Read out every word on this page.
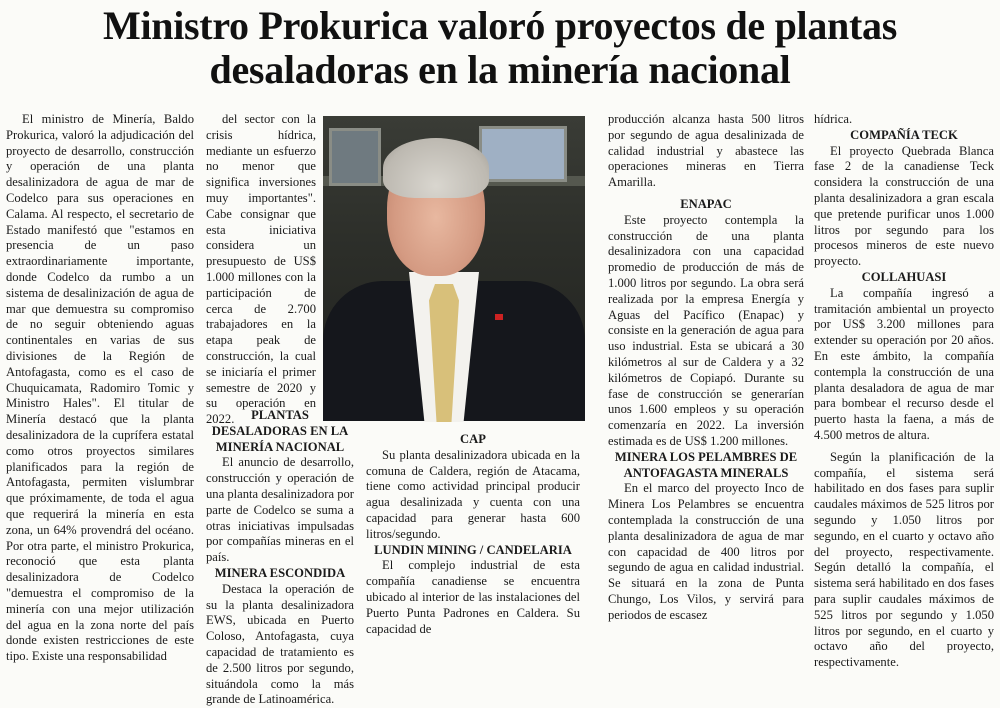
Ministro Prokurica valoró proyectos de plantas
desaladoras en la minería nacional

El ministro de Minería, Baldo Prokurica, valoró la adjudicación del proyecto de desarrollo, construcción y operación de una planta desalinizadora de agua de mar de Codelco para sus operaciones en Calama. Al respecto, el secretario de Estado manifestó que "estamos en presencia de un paso extraordinariamente importante, donde Codelco da rumbo a un sistema de desalinización de agua de mar que demuestra su compromiso de no seguir obteniendo aguas continentales en varias de sus divisiones de la Región de Antofagasta, como es el caso de Chuquicamata, Radomiro Tomic y Ministro Hales". El titular de Minería destacó que la planta desalinizadora de la cuprífera estatal como otros proyectos similares planificados para la región de Antofagasta, permiten vislumbrar que próximamente, de toda el agua que requerirá la minería en esta zona, un 64% provendrá del océano. Por otra parte, el ministro Prokurica, reconoció que esta planta desalinizadora de Codelco "demuestra el compromiso de la minería con una mejor utilización del agua en la zona norte del país donde existen restricciones de este tipo. Existe una responsabilidad

del sector con la crisis hídrica, mediante un esfuerzo no menor que significa inversiones muy importantes". Cabe consignar que esta iniciativa considera un presupuesto de US$ 1.000 millones con la participación de cerca de 2.700 trabajadores en la etapa peak de construcción, la cual se iniciaría el primer semestre de 2020 y su operación en 2022.	PLANTAS DESALADORAS EN LA MINERÍA NACIONAL

El anuncio de desarrollo, construcción y operación de una planta desalinizadora por parte de Codelco se suma a otras iniciativas impulsadas por compañías mineras en el país.

MINERA ESCONDIDA

Destaca la operación de su la planta desalinizadora EWS, ubicada en Puerto Coloso, Antofagasta, cuya capacidad de tratamiento es de 2.500 litros por segundo, situándola como la más grande de Latinoamérica.

CAP

Su planta desalinizadora ubicada en la comuna de Caldera, región de Atacama, tiene como actividad principal producir agua desalinizada y cuenta con una capacidad para generar hasta 600 litros/segundo.

LUNDIN MINING / CANDELARIA

El complejo industrial de esta compañía canadiense se encuentra ubicado al interior de las instalaciones del Puerto Punta Padrones en Caldera. Su capacidad de

producción alcanza hasta 500 litros por segundo de agua desalinizada de calidad industrial y abastece las operaciones mineras en Tierra Amarilla.

ENAPAC

Este proyecto contempla la construcción de una planta desalinizadora con una capacidad promedio de producción de más de 1.000 litros por segundo. La obra será realizada por la empresa Energía y Aguas del Pacífico (Enapac) y consiste en la generación de agua para uso industrial. Esta se ubicará a 30 kilómetros al sur de Caldera y a 32 kilómetros de Copiapó. Durante su fase de construcción se generarían unos 1.600 empleos y su operación comenzaría en 2022. La inversión estimada es de US$ 1.200 millones.

MINERA LOS PELAMBRES DE ANTOFAGASTA MINERALS

En el marco del proyecto Inco de Minera Los Pelambres se encuentra contemplada la construcción de una planta desalinizadora de agua de mar con capacidad de 400 litros por segundo de agua en calidad industrial. Se situará en la zona de Punta Chungo, Los Vilos, y servirá para periodos de escasez

hídrica.

COMPAÑÍA TECK

El proyecto Quebrada Blanca fase 2 de la canadiense Teck considera la construcción de una planta desalinizadora a gran escala que pretende purificar unos 1.000 litros por segundo para los procesos mineros de este nuevo proyecto.

COLLAHUASI

La compañía ingresó a tramitación ambiental un proyecto por US$ 3.200 millones para extender su operación por 20 años. En este ámbito, la compañía contempla la construcción de una planta desaladora de agua de mar para bombear el recurso desde el puerto hasta la faena, a más de 4.500 metros de altura.

Según la planificación de la compañía, el sistema será habilitado en dos fases para suplir caudales máximos de 525 litros por segundo y 1.050 litros por segundo, en el cuarto y octavo año del proyecto, respectivamente. Según detalló la compañía, el sistema será habilitado en dos fases para suplir caudales máximos de 525 litros por segundo y 1.050 litros por segundo, en el cuarto y octavo año del proyecto, respectivamente.
